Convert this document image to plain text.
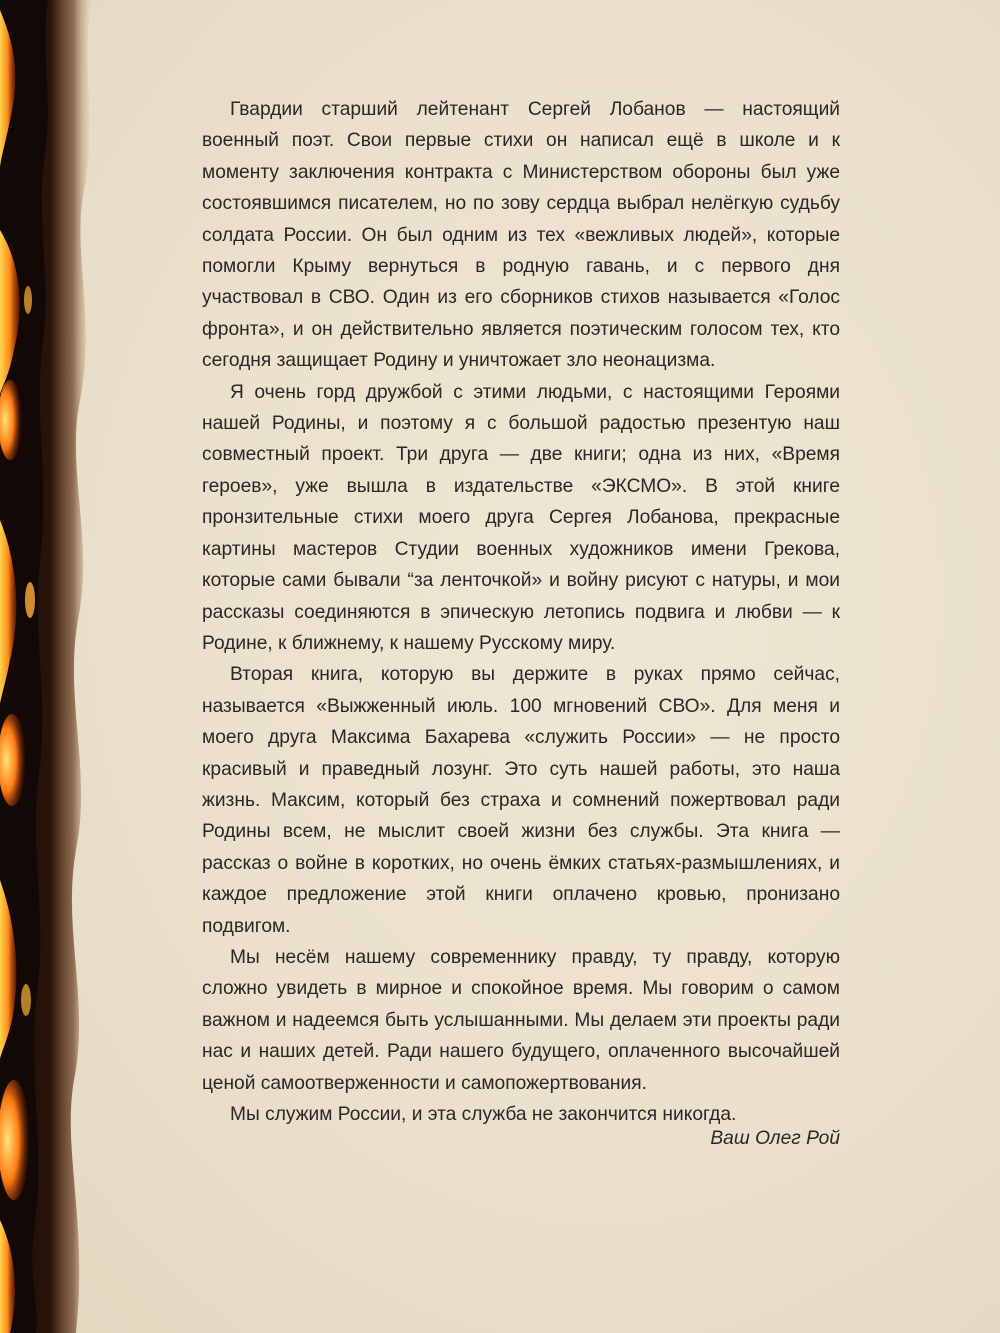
Гвардии старший лейтенант Сергей Лобанов — настоящий военный поэт. Свои первые стихи он написал ещё в школе и к моменту заключения контракта с Министерством обороны был уже состоявшимся писателем, но по зову сердца выбрал нелёгкую судьбу солдата России. Он был одним из тех «вежливых людей», которые помогли Крыму вернуться в родную гавань, и с первого дня участвовал в СВО. Один из его сборников стихов называется «Голос фронта», и он действительно является поэтическим голосом тех, кто сегодня защищает Родину и уничтожает зло неонацизма.

Я очень горд дружбой с этими людьми, с настоящими Героями нашей Родины, и поэтому я с большой радостью презентую наш совместный проект. Три друга — две книги; одна из них, «Время героев», уже вышла в издательстве «ЭКСМО». В этой книге пронзительные стихи моего друга Сергея Лобанова, прекрасные картины мастеров Студии военных художников имени Грекова, которые сами бывали “за ленточкой» и войну рисуют с натуры, и мои рассказы соединяются в эпическую летопись подвига и любви — к Родине, к ближнему, к нашему Русскому миру.

Вторая книга, которую вы держите в руках прямо сейчас, называется «Выжженный июль. 100 мгновений СВО». Для меня и моего друга Максима Бахарева «служить России» — не просто красивый и праведный лозунг. Это суть нашей работы, это наша жизнь. Максим, который без страха и сомнений пожертвовал ради Родины всем, не мыслит своей жизни без службы. Эта книга — рассказ о войне в коротких, но очень ёмких статьях-размышлениях, и каждое предложение этой книги оплачено кровью, пронизано подвигом.

Мы несём нашему современнику правду, ту правду, которую сложно увидеть в мирное и спокойное время. Мы говорим о самом важном и надеемся быть услышанными. Мы делаем эти проекты ради нас и наших детей. Ради нашего будущего, оплаченного высочайшей ценой самоотверженности и самопожертвования.

Мы служим России, и эта служба не закончится никогда.

Ваш Олег Рой
